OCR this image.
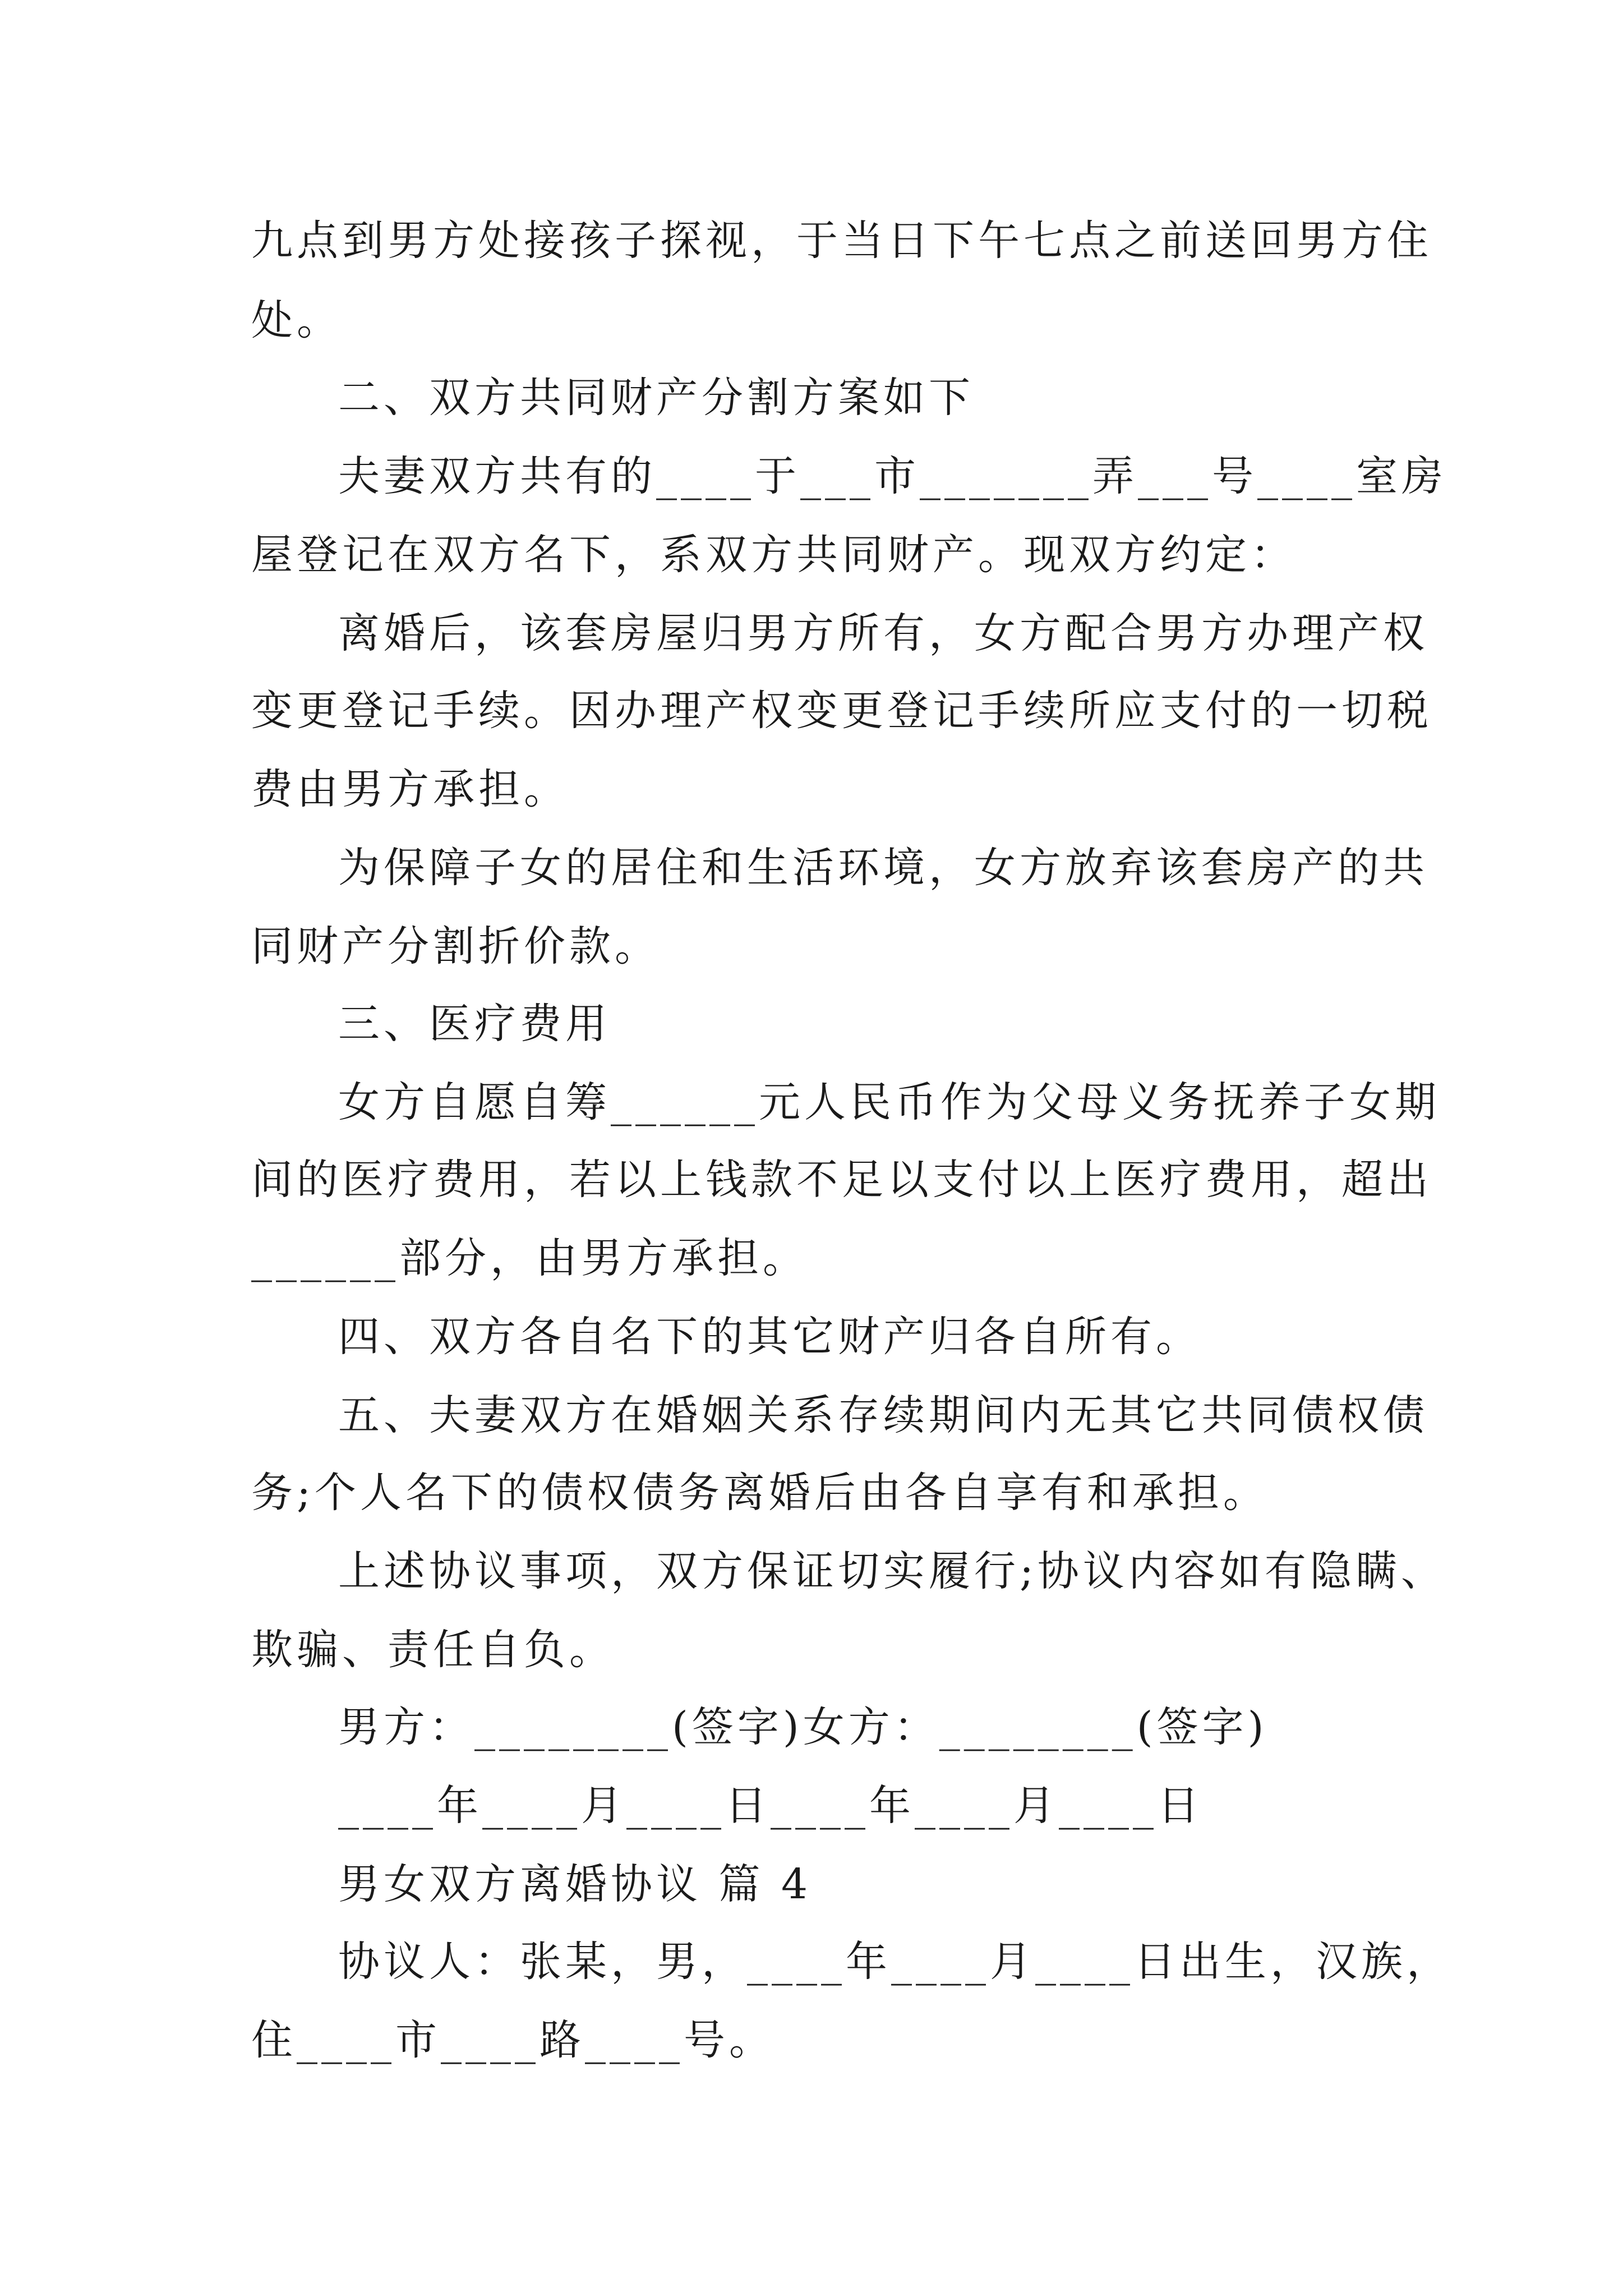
九点到男方处接孩子探视，于当日下午七点之前送回男方住
处。
二、双方共同财产分割方案如下
夫妻双方共有的____于___市_______弄___号____室房
屋登记在双方名下，系双方共同财产。现双方约定：
离婚后，该套房屋归男方所有，女方配合男方办理产权
变更登记手续。因办理产权变更登记手续所应支付的一切税
费由男方承担。
为保障子女的居住和生活环境，女方放弃该套房产的共
同财产分割折价款。
三、医疗费用
女方自愿自筹______元人民币作为父母义务抚养子女期
间的医疗费用，若以上钱款不足以支付以上医疗费用，超出
______部分，由男方承担。
四、双方各自名下的其它财产归各自所有。
五、夫妻双方在婚姻关系存续期间内无其它共同债权债
务;个人名下的债权债务离婚后由各自享有和承担。
上述协议事项，双方保证切实履行;协议内容如有隐瞒、
欺骗、责任自负。
男方：________(签字)女方：________(签字)
____年____月____日____年____月____日
男女双方离婚协议 篇 4
协议人：张某，男，____年____月____日出生，汉族，
住____市____路____号。
